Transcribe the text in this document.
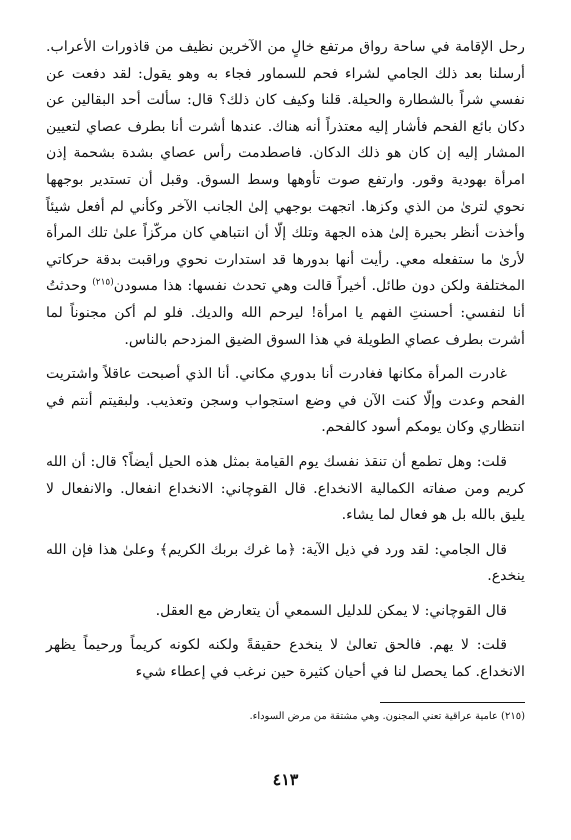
رحل الإقامة في ساحة رواق مرتفع خالٍ من الآخرين نظيف من قاذورات الأعراب. أرسلنا بعد ذلك الجامي لشراء فحم للسماور فجاء به وهو يقول: لقد دفعت عن نفسي شراً بالشطارة والحيلة. قلنا وكيف كان ذلك؟ قال: سألت أحد البقالين عن دكان بائع الفحم فأشار إليه معتذراً أنه هناك. عندها أشرت أنا بطرف عصاي لتعيين المشار إليه إن كان هو ذلك الدكان. فاصطدمت رأس عصاي بشدة بشحمة إذن امرأة بهودية وقور. وارتفع صوت تأوهها وسط السوق. وقبل أن تستدير بوجهها نحوي لترىٰ من الذي وكزها. اتجهت بوجهي إلىٰ الجانب الآخر وكأني لم أفعل شيئاً وأخذت أنظر بحيرة إلىٰ هذه الجهة وتلك إلّا أن انتباهي كان مركّزاً علىٰ تلك المرأة لأرىٰ ما ستفعله معي. رأيت أنها بدورها قد استدارت نحوي وراقبت بدقة حركاتي المختلفة ولكن دون طائل. أخيراً قالت وهي تحدث نفسها: هذا مسودن$^{(٢١٥)}$ وحدثتُ أنا لنفسي: أحسنتِ الفهم يا امرأة! ليرحم الله والديك. فلو لم أكن مجنوناً لما أشرت بطرف عصاي الطويلة في هذا السوق الضيق المزدحم بالناس.

غادرت المرأة مكانها فغادرت أنا بدوري مكاني. أنا الذي أصبحت عاقلاً واشتريت الفحم وعدت وإلّا كنت الآن في وضع استجواب وسجن وتعذيب. ولبقيتم أنتم في انتظاري وكان يومكم أسود كالفحم.

قلت: وهل تطمع أن تنقذ نفسك يوم القيامة بمثل هذه الحيل أيضاً؟ قال: أن الله كريم ومن صفاته الكمالية الانخداع. قال القوچاني: الانخداع انفعال. والانفعال لا يليق بالله بل هو فعال لما يشاء.

قال الجامي: لقد ورد في ذيل الآية: ﴿ما غرك بربك الكريم﴾ وعلىٰ هذا فإن الله ينخدع.

قال القوچاني: لا يمكن للدليل السمعي أن يتعارض مع العقل.

قلت: لا يهم. فالحق تعالىٰ لا ينخدع حقيقةً ولكنه لكونه كريماً ورحيماً يظهر الانخداع. كما يحصل لنا في أحيان كثيرة حين نرغب في إعطاء شيء

(٢١٥) عامية عراقية تعني المجنون. وهي مشتقة من مرض السوداء.
٤١٣
